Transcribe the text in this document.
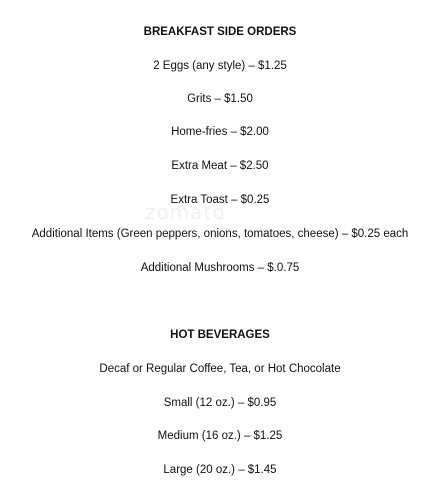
BREAKFAST SIDE ORDERS
2 Eggs (any style) – $1.25
Grits – $1.50
Home-fries – $2.00
Extra Meat – $2.50
Extra Toast – $0.25
Additional Items (Green peppers, onions, tomatoes, cheese) – $0.25 each
Additional Mushrooms – $.0.75
HOT BEVERAGES
Decaf or Regular Coffee, Tea, or Hot Chocolate
Small (12 oz.) – $0.95
Medium (16 oz.) – $1.25
Large (20 oz.) – $1.45
zomato
